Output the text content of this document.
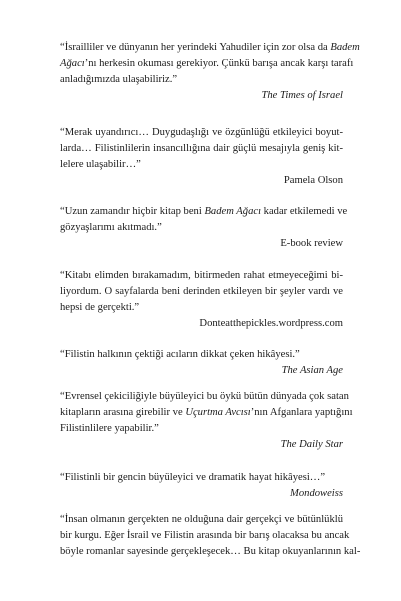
“İsrailliler ve dünyanın her yerindeki Yahudiler için zor olsa da Badem
Ağacı’nı herkesin okuması gerekiyor. Çünkü barışa ancak karşı tarafı
anladığımızda ulaşabiliriz.”

The Times of Israel

“Merak uyandırıcı… Duygudaşlığı ve özgünlüğü etkileyici boyut-
larda… Filistinlilerin insancıllığına dair güçlü mesajıyla geniş kit-
lelere ulaşabilir…”

Pamela Olson

“Uzun zamandır hiçbir kitap beni Badem Ağacı kadar etkilemedi ve
gözyaşlarımı akıtmadı.”

E-book review

“Kitabı elimden bırakamadım, bitirmeden rahat etmeyeceğimi bi-
liyordum. O sayfalarda beni derinden etkileyen bir şeyler vardı ve
hepsi de gerçekti.”

Donteatthepickles.wordpress.com

“Filistin halkının çektiği acıların dikkat çeken hikâyesi.”

The Asian Age

“Evrensel çekiciliğiyle büyüleyici bu öykü bütün dünyada çok satan
kitapların arasına girebilir ve Uçurtma Avcısı’nın Afganlara yaptığını
Filistinlilere yapabilir.”

The Daily Star

“Filistinli bir gencin büyüleyici ve dramatik hayat hikâyesi…”

Mondoweiss

“İnsan olmanın gerçekten ne olduğuna dair gerçekçi ve bütünlüklü
bir kurgu. Eğer İsrail ve Filistin arasında bir barış olacaksa bu ancak
böyle romanlar sayesinde gerçekleşecek… Bu kitap okuyanlarının kal-
